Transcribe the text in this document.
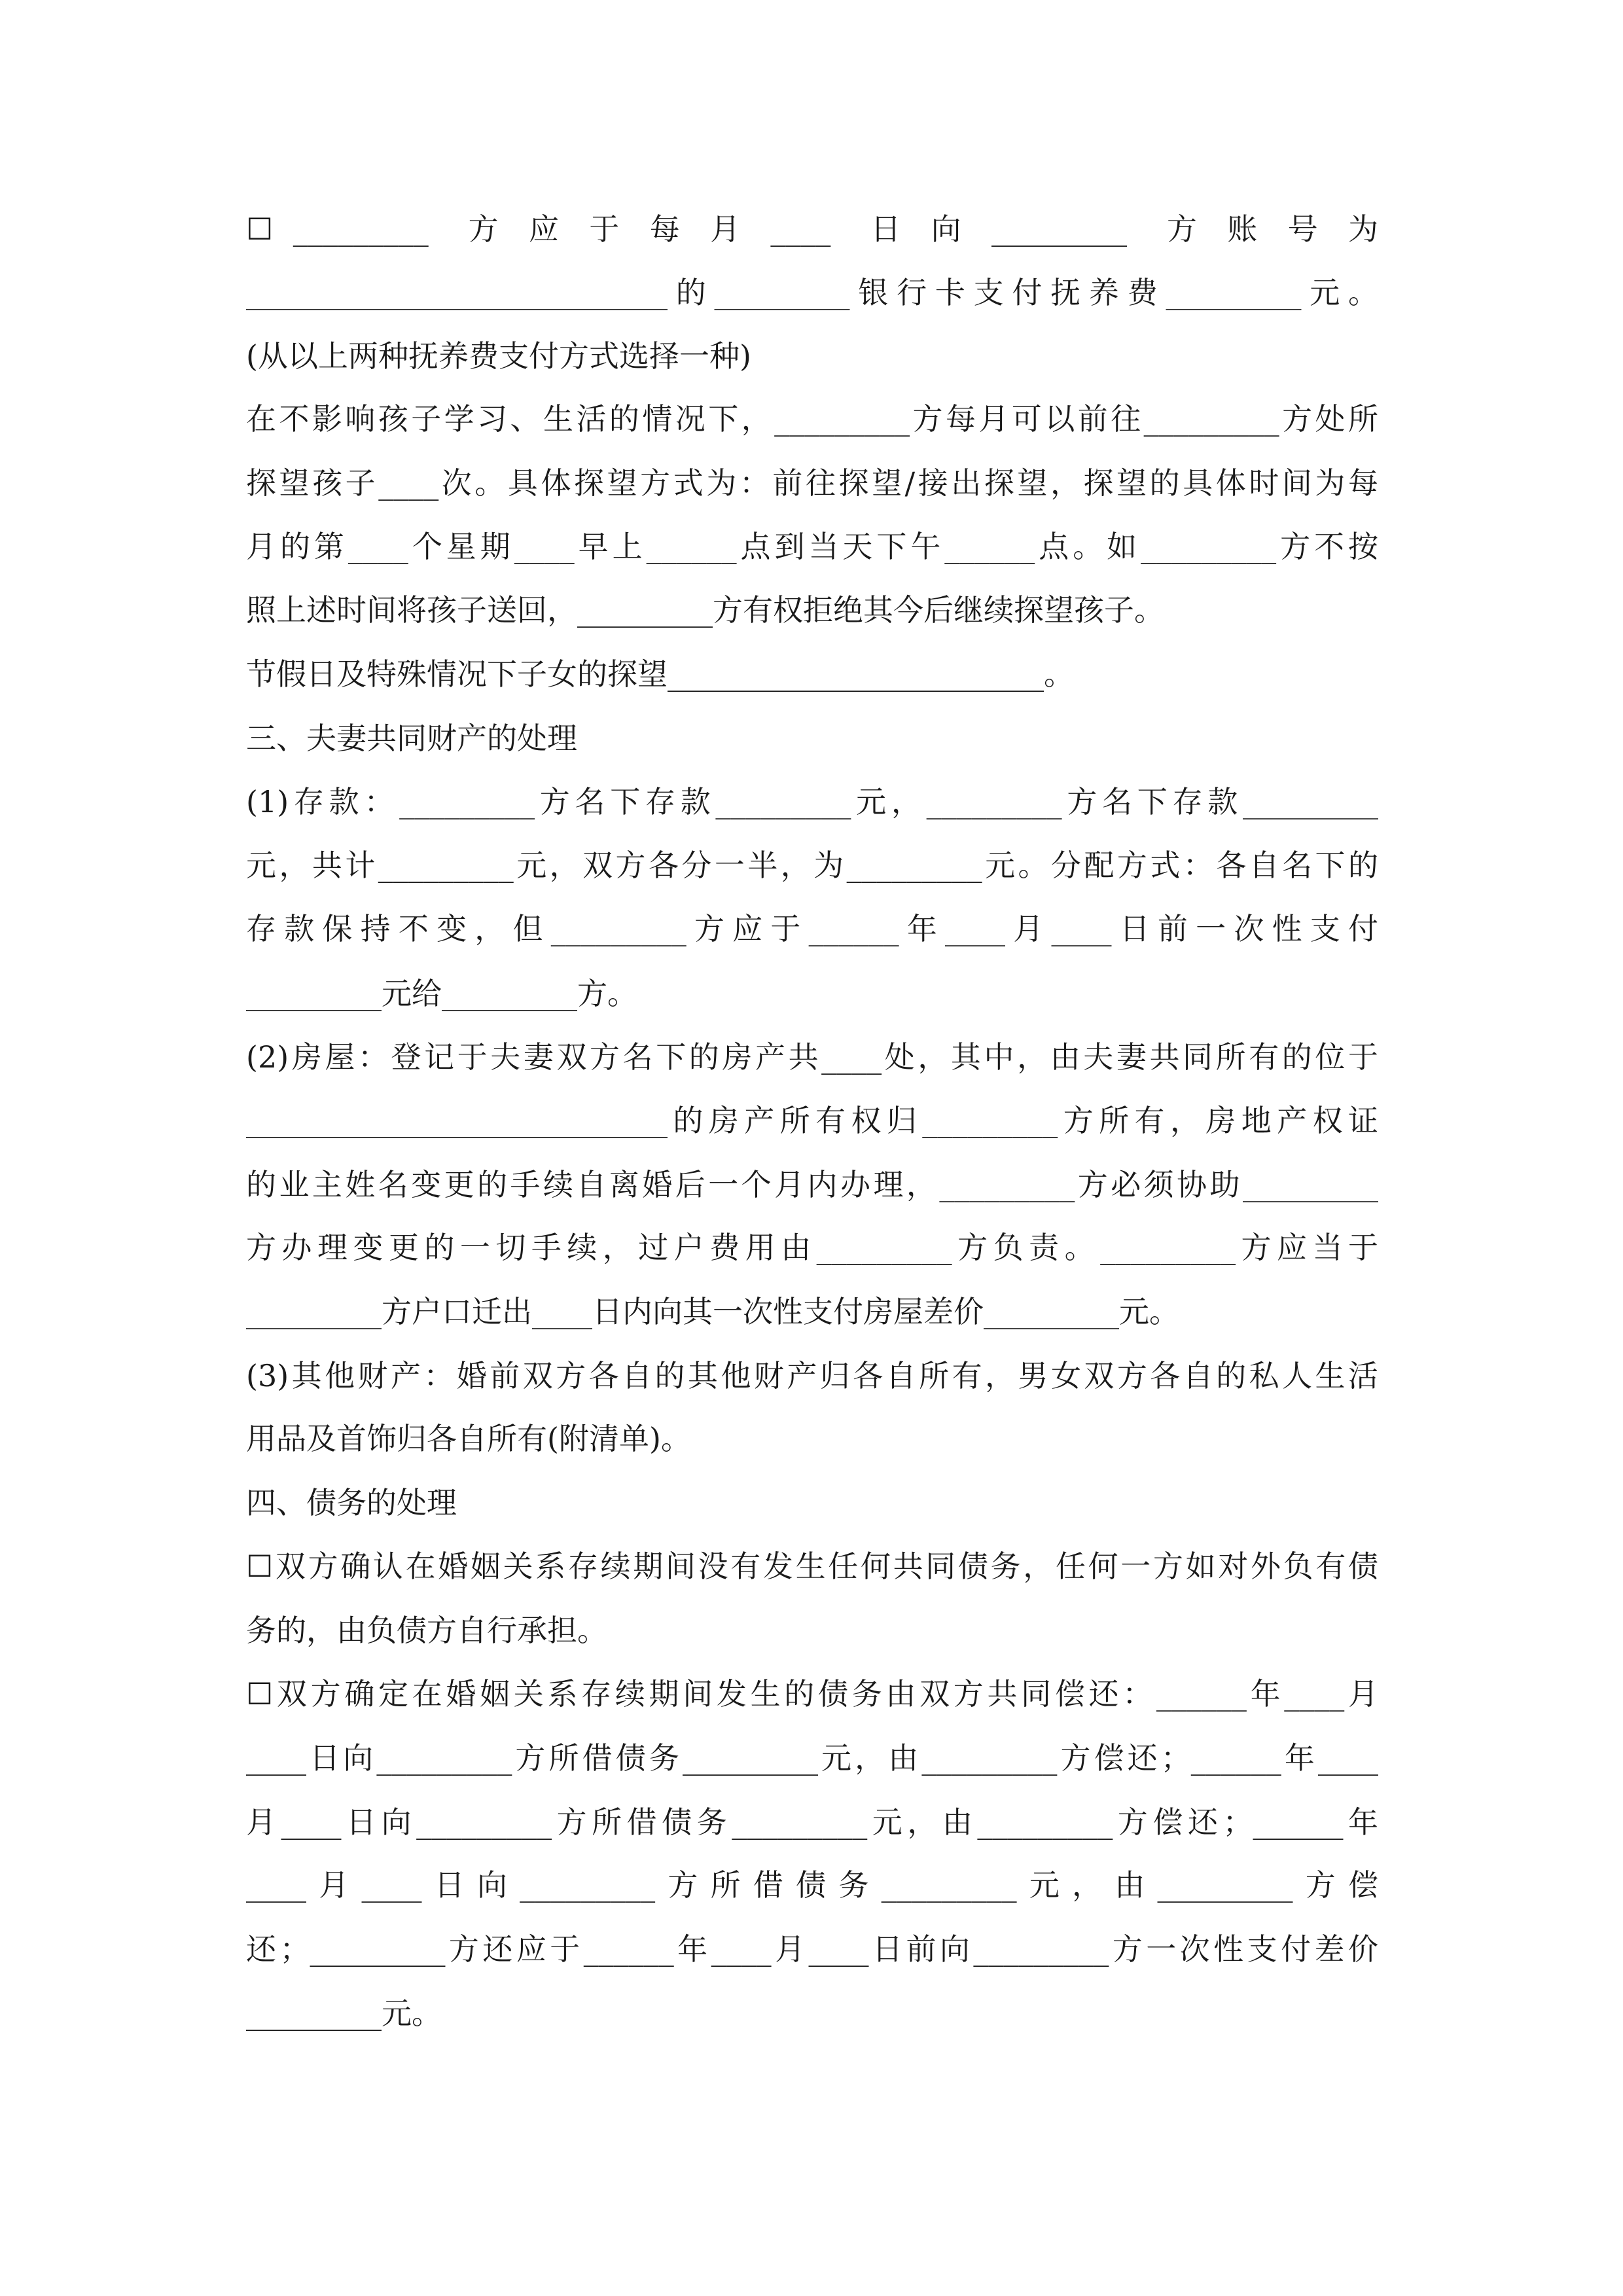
☐ _________  方 应 于 每 月 ____  日 向 _________  方 账 号 为
____________________________的_________银行卡支付抚养费_________元。
(从以上两种抚养费支付方式选择一种)
在不影响孩子学习、生活的情况下，_________方每月可以前往_________方处所
探望孩子____次。具体探望方式为：前往探望/接出探望，探望的具体时间为每
月的第____个星期____早上______点到当天下午______点。如_________方不按
照上述时间将孩子送回，_________方有权拒绝其今后继续探望孩子。
节假日及特殊情况下子女的探望_________________________。
三、夫妻共同财产的处理
(1)存款：_________方名下存款_________元，_________方名下存款_________
元，共计_________元，双方各分一半，为_________元。分配方式：各自名下的
存款保持不变，但_________方应于______年____月____日前一次性支付
_________元给_________方。
(2)房屋：登记于夫妻双方名下的房产共____处，其中，由夫妻共同所有的位于
____________________________的房产所有权归_________方所有，房地产权证
的业主姓名变更的手续自离婚后一个月内办理，_________方必须协助_________
方办理变更的一切手续，过户费用由_________方负责。_________方应当于
_________方户口迁出____日内向其一次性支付房屋差价_________元。
(3)其他财产：婚前双方各自的其他财产归各自所有，男女双方各自的私人生活
用品及首饰归各自所有(附清单)。
四、债务的处理
☐双方确认在婚姻关系存续期间没有发生任何共同债务，任何一方如对外负有债
务的，由负债方自行承担。
☐双方确定在婚姻关系存续期间发生的债务由双方共同偿还：______年____月
____日向_________方所借债务_________元，由_________方偿还；______年____
月____日向_________方所借债务_________元，由_________方偿还；______年
____月____日向_________方所借债务_________元，由_________方偿
还；_________方还应于______年____月____日前向_________方一次性支付差价
_________元。
